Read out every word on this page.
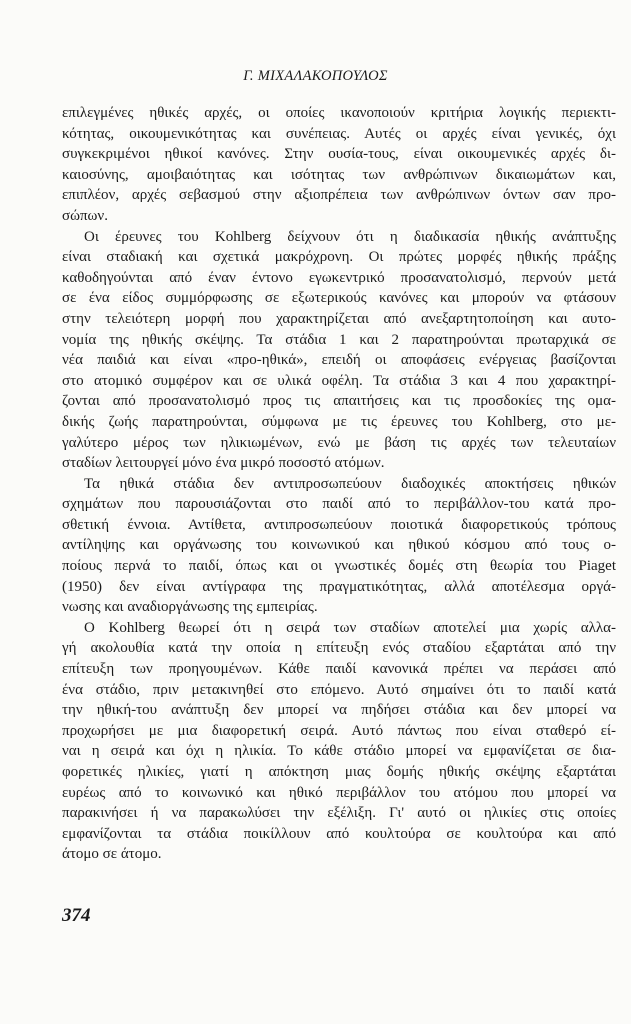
Γ. ΜΙΧΑΛΑΚΟΠΟΥΛΟΣ
επιλεγμένες ηθικές αρχές, οι οποίες ικανοποιούν κριτήρια λογικής περιεκτι-
κότητας, οικουμενικότητας και συνέπειας. Αυτές οι αρχές είναι γενικές, όχι
συγκεκριμένοι ηθικοί κανόνες. Στην ουσία-τους, είναι οικουμενικές αρχές δι-
καιοσύνης, αμοιβαιότητας και ισότητας των ανθρώπινων δικαιωμάτων και,
επιπλέον, αρχές σεβασμού στην αξιοπρέπεια των ανθρώπινων όντων σαν προ-
σώπων.
Οι έρευνες του Kohlberg δείχνουν ότι η διαδικασία ηθικής ανάπτυξης
είναι σταδιακή και σχετικά μακρόχρονη. Οι πρώτες μορφές ηθικής πράξης
καθοδηγούνται από έναν έντονο εγωκεντρικό προσανατολισμό, περνούν μετά
σε ένα είδος συμμόρφωσης σε εξωτερικούς κανόνες και μπορούν να φτάσουν
στην τελειότερη μορφή που χαρακτηρίζεται από ανεξαρτητοποίηση και αυτο-
νομία της ηθικής σκέψης. Τα στάδια 1 και 2 παρατηρούνται πρωταρχικά σε
νέα παιδιά και είναι «προ-ηθικά», επειδή οι αποφάσεις ενέργειας βασίζονται
στο ατομικό συμφέρον και σε υλικά οφέλη. Τα στάδια 3 και 4 που χαρακτηρί-
ζονται από προσανατολισμό προς τις απαιτήσεις και τις προσδοκίες της ομα-
δικής ζωής παρατηρούνται, σύμφωνα με τις έρευνες του Kohlberg, στο με-
γαλύτερο μέρος των ηλικιωμένων, ενώ με βάση τις αρχές των τελευταίων
σταδίων λειτουργεί μόνο ένα μικρό ποσοστό ατόμων.
Τα ηθικά στάδια δεν αντιπροσωπεύουν διαδοχικές αποκτήσεις ηθικών
σχημάτων που παρουσιάζονται στο παιδί από το περιβάλλον-του κατά προ-
σθετική έννοια. Αντίθετα, αντιπροσωπεύουν ποιοτικά διαφορετικούς τρόπους
αντίληψης και οργάνωσης του κοινωνικού και ηθικού κόσμου από τους ο-
ποίους περνά το παιδί, όπως και οι γνωστικές δομές στη θεωρία του Piaget
(1950) δεν είναι αντίγραφα της πραγματικότητας, αλλά αποτέλεσμα οργά-
νωσης και αναδιοργάνωσης της εμπειρίας.
Ο Kohlberg θεωρεί ότι η σειρά των σταδίων αποτελεί μια χωρίς αλλα-
γή ακολουθία κατά την οποία η επίτευξη ενός σταδίου εξαρτάται από την
επίτευξη των προηγουμένων. Κάθε παιδί κανονικά πρέπει να περάσει από
ένα στάδιο, πριν μετακινηθεί στο επόμενο. Αυτό σημαίνει ότι το παιδί κατά
την ηθική-του ανάπτυξη δεν μπορεί να πηδήσει στάδια και δεν μπορεί να
προχωρήσει με μια διαφορετική σειρά. Αυτό πάντως που είναι σταθερό εί-
ναι η σειρά και όχι η ηλικία. Το κάθε στάδιο μπορεί να εμφανίζεται σε δια-
φορετικές ηλικίες, γιατί η απόκτηση μιας δομής ηθικής σκέψης εξαρτάται
ευρέως από το κοινωνικό και ηθικό περιβάλλον του ατόμου που μπορεί να
παρακινήσει ή να παρακωλύσει την εξέλιξη. Γι' αυτό οι ηλικίες στις οποίες
εμφανίζονται τα στάδια ποικίλλουν από κουλτούρα σε κουλτούρα και από
άτομο σε άτομο.
374
